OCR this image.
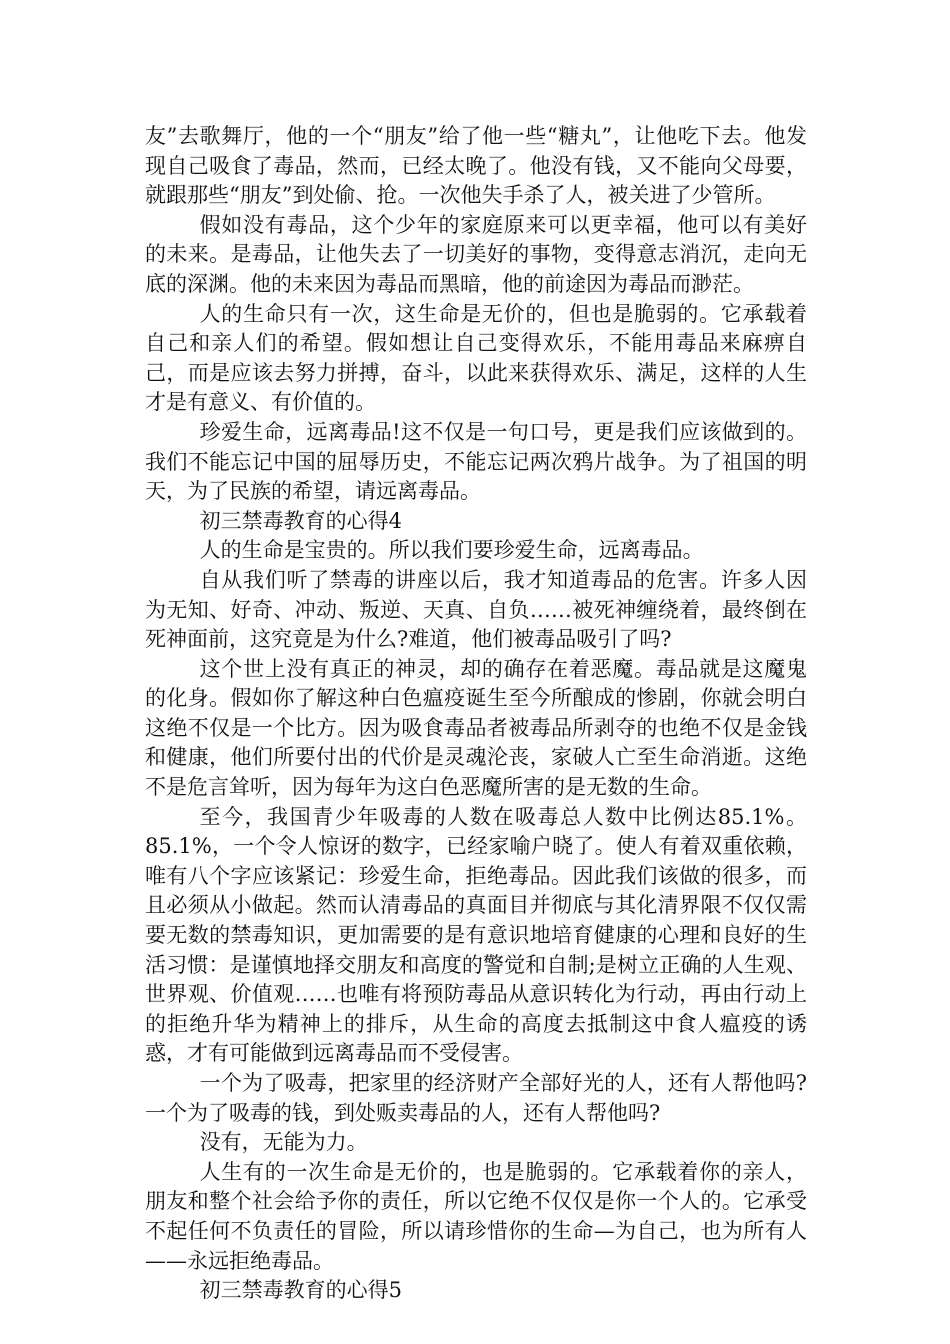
友”去歌舞厅，他的一个“朋友”给了他一些“糖丸”，让他吃下去。他发现自己吸食了毒品，然而，已经太晚了。他没有钱，又不能向父母要，就跟那些“朋友”到处偷、抢。一次他失手杀了人，被关进了少管所。

假如没有毒品，这个少年的家庭原来可以更幸福，他可以有美好的未来。是毒品，让他失去了一切美好的事物，变得意志消沉，走向无底的深渊。他的未来因为毒品而黑暗，他的前途因为毒品而渺茫。

人的生命只有一次，这生命是无价的，但也是脆弱的。它承载着自己和亲人们的希望。假如想让自己变得欢乐，不能用毒品来麻痹自己，而是应该去努力拼搏，奋斗，以此来获得欢乐、满足，这样的人生才是有意义、有价值的。

珍爱生命，远离毒品!这不仅是一句口号，更是我们应该做到的。我们不能忘记中国的屈辱历史，不能忘记两次鸦片战争。为了祖国的明天，为了民族的希望，请远离毒品。

初三禁毒教育的心得4

人的生命是宝贵的。所以我们要珍爱生命，远离毒品。

自从我们听了禁毒的讲座以后，我才知道毒品的危害。许多人因为无知、好奇、冲动、叛逆、天真、自负……被死神缠绕着，最终倒在死神面前，这究竟是为什么?难道，他们被毒品吸引了吗?

这个世上没有真正的神灵，却的确存在着恶魔。毒品就是这魔鬼的化身。假如你了解这种白色瘟疫诞生至今所酿成的惨剧，你就会明白这绝不仅是一个比方。因为吸食毒品者被毒品所剥夺的也绝不仅是金钱和健康，他们所要付出的代价是灵魂沦丧，家破人亡至生命消逝。这绝不是危言耸听，因为每年为这白色恶魔所害的是无数的生命。

至今，我国青少年吸毒的人数在吸毒总人数中比例达85.1%。85.1%，一个令人惊讶的数字，已经家喻户晓了。使人有着双重依赖，唯有八个字应该紧记：珍爱生命，拒绝毒品。因此我们该做的很多，而且必须从小做起。然而认清毒品的真面目并彻底与其化清界限不仅仅需要无数的禁毒知识，更加需要的是有意识地培育健康的心理和良好的生活习惯：是谨慎地择交朋友和高度的警觉和自制;是树立正确的人生观、世界观、价值观……也唯有将预防毒品从意识转化为行动，再由行动上的拒绝升华为精神上的排斥，从生命的高度去抵制这中食人瘟疫的诱惑，才有可能做到远离毒品而不受侵害。

一个为了吸毒，把家里的经济财产全部好光的人，还有人帮他吗? 一个为了吸毒的钱，到处贩卖毒品的人，还有人帮他吗?

没有，无能为力。

人生有的一次生命是无价的，也是脆弱的。它承载着你的亲人，朋友和整个社会给予你的责任，所以它绝不仅仅是你一个人的。它承受不起任何不负责任的冒险，所以请珍惜你的生命—为自己，也为所有人——永远拒绝毒品。

初三禁毒教育的心得5
